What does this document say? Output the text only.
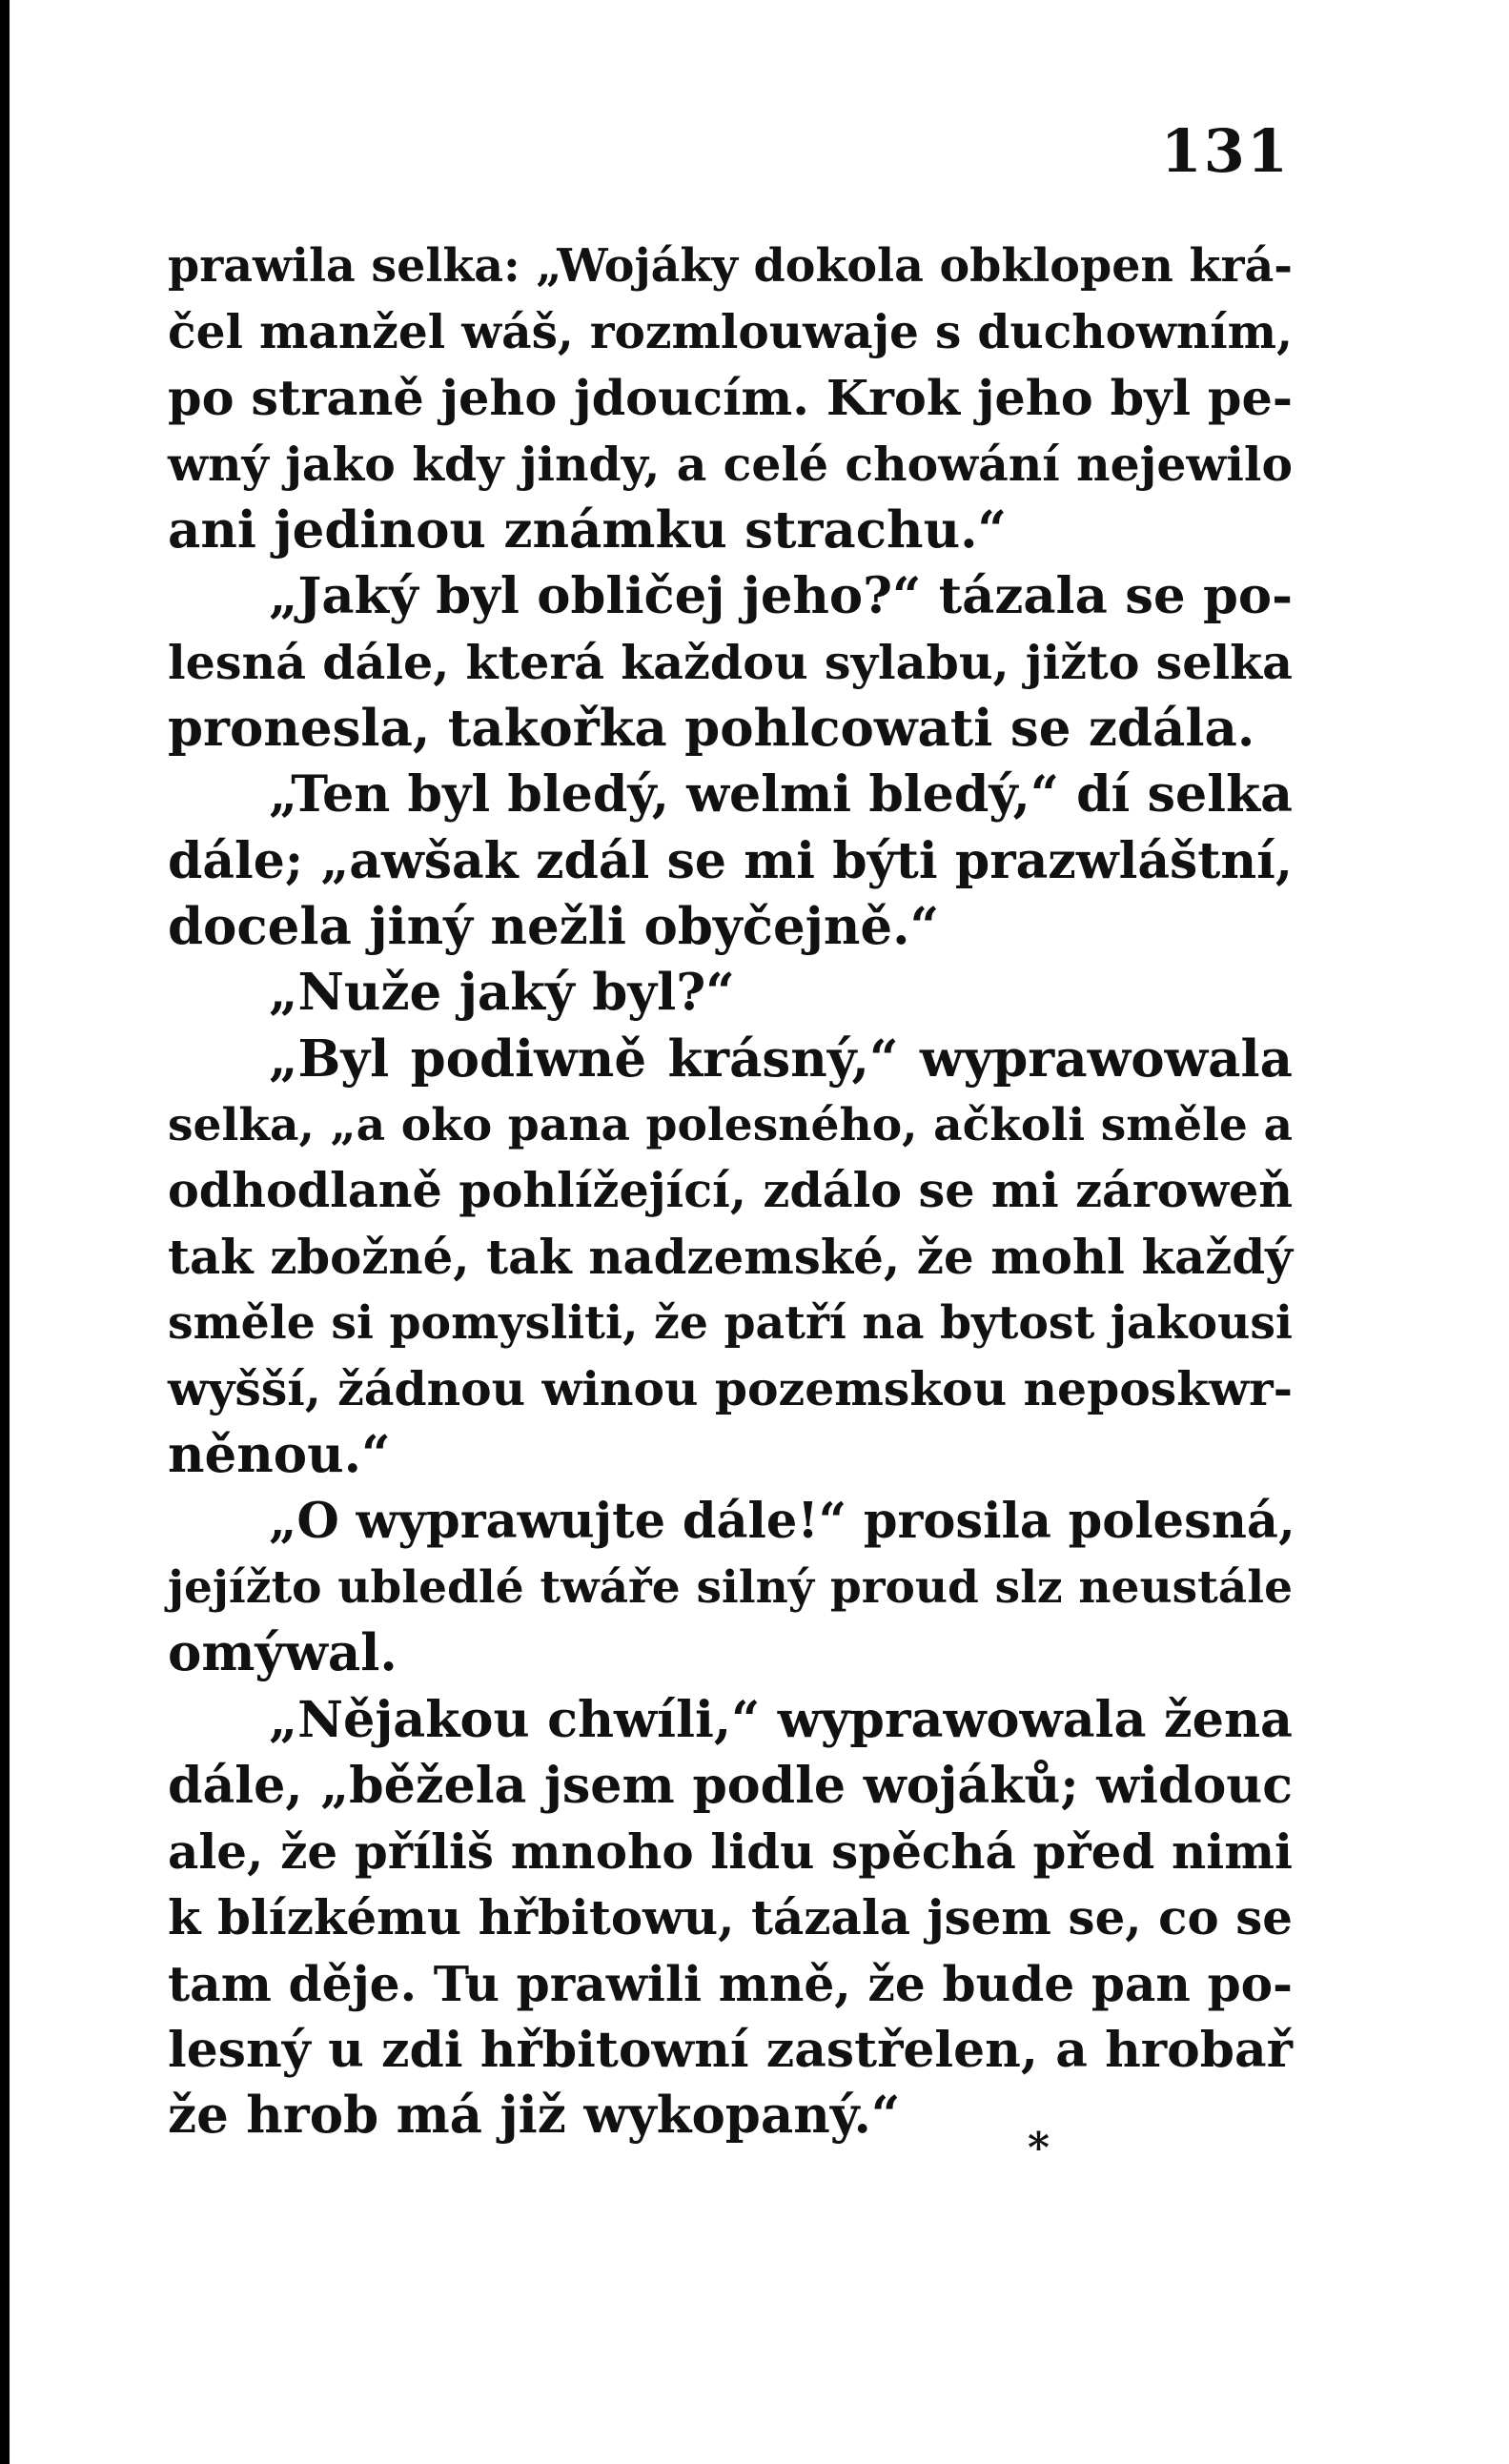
131
prawila selka: „Wojáky dokola obklopen krá-
čel manžel wáš, rozmlouwaje s duchowním,
po straně jeho jdoucím. Krok jeho byl pe-
wný jako kdy jindy, a celé chowání nejewilo
ani jedinou známku strachu.“
„Jaký byl obličej jeho?“ tázala se po-
lesná dále, která každou sylabu, jižto selka
pronesla, takořka pohlcowati se zdála.
„Ten byl bledý, welmi bledý,“ dí selka
dále; „awšak zdál se mi býti prazwláštní,
docela jiný nežli obyčejně.“
„Nuže jaký byl?“
„Byl podiwně krásný,“ wyprawowala
selka, „a oko pana polesného, ačkoli směle a
odhodlaně pohlížející, zdálo se mi zároweň
tak zbožné, tak nadzemské, že mohl každý
směle si pomysliti, že patří na bytost jakousi
wyšší, žádnou winou pozemskou neposkwr-
něnou.“
„O wyprawujte dále!“ prosila polesná,
jejížto ubledlé twáře silný proud slz neustále
omýwal.
„Nějakou chwíli,“ wyprawowala žena
dále, „běžela jsem podle wojáků; widouc
ale, že příliš mnoho lidu spěchá před nimi
k blízkému hřbitowu, tázala jsem se, co se
tam děje. Tu prawili mně, že bude pan po-
lesný u zdi hřbitowní zastřelen, a hrobař
že hrob má již wykopaný.“
*
